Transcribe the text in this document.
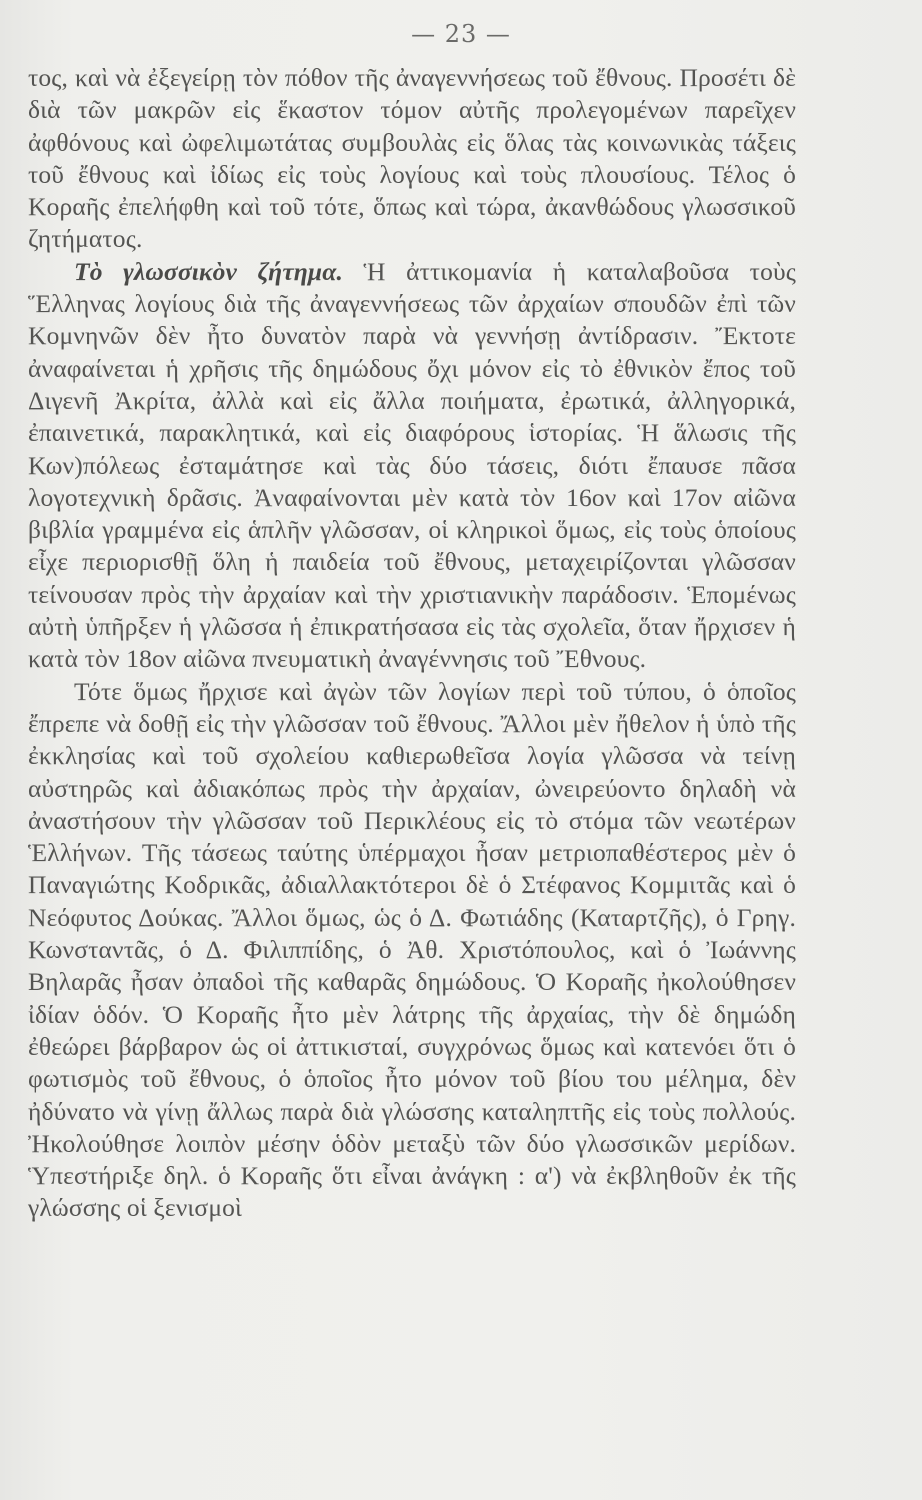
— 23 —

τος, καὶ νὰ ἐξεγείρῃ τὸν πόθον τῆς ἀναγεννήσεως τοῦ ἔθνους. Προσέτι δὲ διὰ τῶν μακρῶν εἰς ἕκαστον τόμον αὐτῆς προλεγομένων παρεῖχεν ἀφθόνους καὶ ὠφελιμωτάτας συμβουλὰς εἰς ὅλας τὰς κοινωνικὰς τάξεις τοῦ ἔθνους καὶ ἰδίως εἰς τοὺς λογίους καὶ τοὺς πλουσίους. Τέλος ὁ Κοραῆς ἐπελήφθη καὶ τοῦ τότε, ὅπως καὶ τώρα, ἀκανθώδους γλωσσικοῦ ζητήματος.

Τὸ γλωσσικὸν ζήτημα. Ἡ ἀττικομανία ἡ καταλαβοῦσα τοὺς Ἕλληνας λογίους διὰ τῆς ἀναγεννήσεως τῶν ἀρχαίων σπουδῶν ἐπὶ τῶν Κομνηνῶν δὲν ἦτο δυνατὸν παρὰ νὰ γεννήσῃ ἀντίδρασιν. Ἔκτοτε ἀναφαίνεται ἡ χρῆσις τῆς δημώδους ὄχι μόνον εἰς τὸ ἐθνικὸν ἔπος τοῦ Διγενῆ Ἀκρίτα, ἀλλὰ καὶ εἰς ἄλλα ποιήματα, ἐρωτικά, ἀλληγορικά, ἐπαινετικά, παρακλητικά, καὶ εἰς διαφόρους ἱστορίας. Ἡ ἅλωσις τῆς Κων)πόλεως ἐσταμάτησε καὶ τὰς δύο τάσεις, διότι ἔπαυσε πᾶσα λογοτεχνικὴ δρᾶσις. Ἀναφαίνονται μὲν κατὰ τὸν 16ον καὶ 17ον αἰῶνα βιβλία γραμμένα εἰς ἁπλῆν γλῶσσαν, οἱ κληρικοὶ ὅμως, εἰς τοὺς ὁποίους εἶχε περιορισθῇ ὅλη ἡ παιδεία τοῦ ἔθνους, μεταχειρίζονται γλῶσσαν τείνουσαν πρὸς τὴν ἀρχαίαν καὶ τὴν χριστιανικὴν παράδοσιν. Ἑπομένως αὐτὴ ὑπῆρξεν ἡ γλῶσσα ἡ ἐπικρατήσασα εἰς τὰς σχολεῖα, ὅταν ἤρχισεν ἡ κατὰ τὸν 18ον αἰῶνα πνευματικὴ ἀναγέννησις τοῦ Ἔθνους.

Τότε ὅμως ἤρχισε καὶ ἀγὼν τῶν λογίων περὶ τοῦ τύπου, ὁ ὁποῖος ἔπρεπε νὰ δοθῇ εἰς τὴν γλῶσσαν τοῦ ἔθνους. Ἄλλοι μὲν ἤθελον ἡ ὑπὸ τῆς ἐκκλησίας καὶ τοῦ σχολείου καθιερωθεῖσα λογία γλῶσσα νὰ τείνῃ αὐστηρῶς καὶ ἀδιακόπως πρὸς τὴν ἀρχαίαν, ὠνειρεύοντο δηλαδὴ νὰ ἀναστήσουν τὴν γλῶσσαν τοῦ Περικλέους εἰς τὸ στόμα τῶν νεωτέρων Ἑλλήνων. Τῆς τάσεως ταύτης ὑπέρμαχοι ἦσαν μετριοπαθέστερος μὲν ὁ Παναγιώτης Κοδρικᾶς, ἀδιαλλακτότεροι δὲ ὁ Στέφανος Κομμιτᾶς καὶ ὁ Νεόφυτος Δούκας. Ἄλλοι ὅμως, ὡς ὁ Δ. Φωτιάδης (Καταρτζῆς), ὁ Γρηγ. Κωνσταντᾶς, ὁ Δ. Φιλιππίδης, ὁ Ἀθ. Χριστόπουλος, καὶ ὁ Ἰωάννης Βηλαρᾶς ἦσαν ὀπαδοὶ τῆς καθαρᾶς δημώδους. Ὁ Κοραῆς ἠκολούθησεν ἰδίαν ὁδόν. Ὁ Κοραῆς ἦτο μὲν λάτρης τῆς ἀρχαίας, τὴν δὲ δημώδη ἐθεώρει βάρβαρον ὡς οἱ ἀττικισταί, συγχρόνως ὅμως καὶ κατενόει ὅτι ὁ φωτισμὸς τοῦ ἔθνους, ὁ ὁποῖος ἦτο μόνον τοῦ βίου του μέλημα, δὲν ἠδύνατο νὰ γίνῃ ἄλλως παρὰ διὰ γλώσσης καταληπτῆς εἰς τοὺς πολλούς. Ἠκολούθησε λοιπὸν μέσην ὁδὸν μεταξὺ τῶν δύο γλωσσικῶν μερίδων. Ὑπεστήριξε δηλ. ὁ Κοραῆς ὅτι εἶναι ἀνάγκη : α') νὰ ἐκβληθοῦν ἐκ τῆς γλώσσης οἱ ξενισμοὶ
